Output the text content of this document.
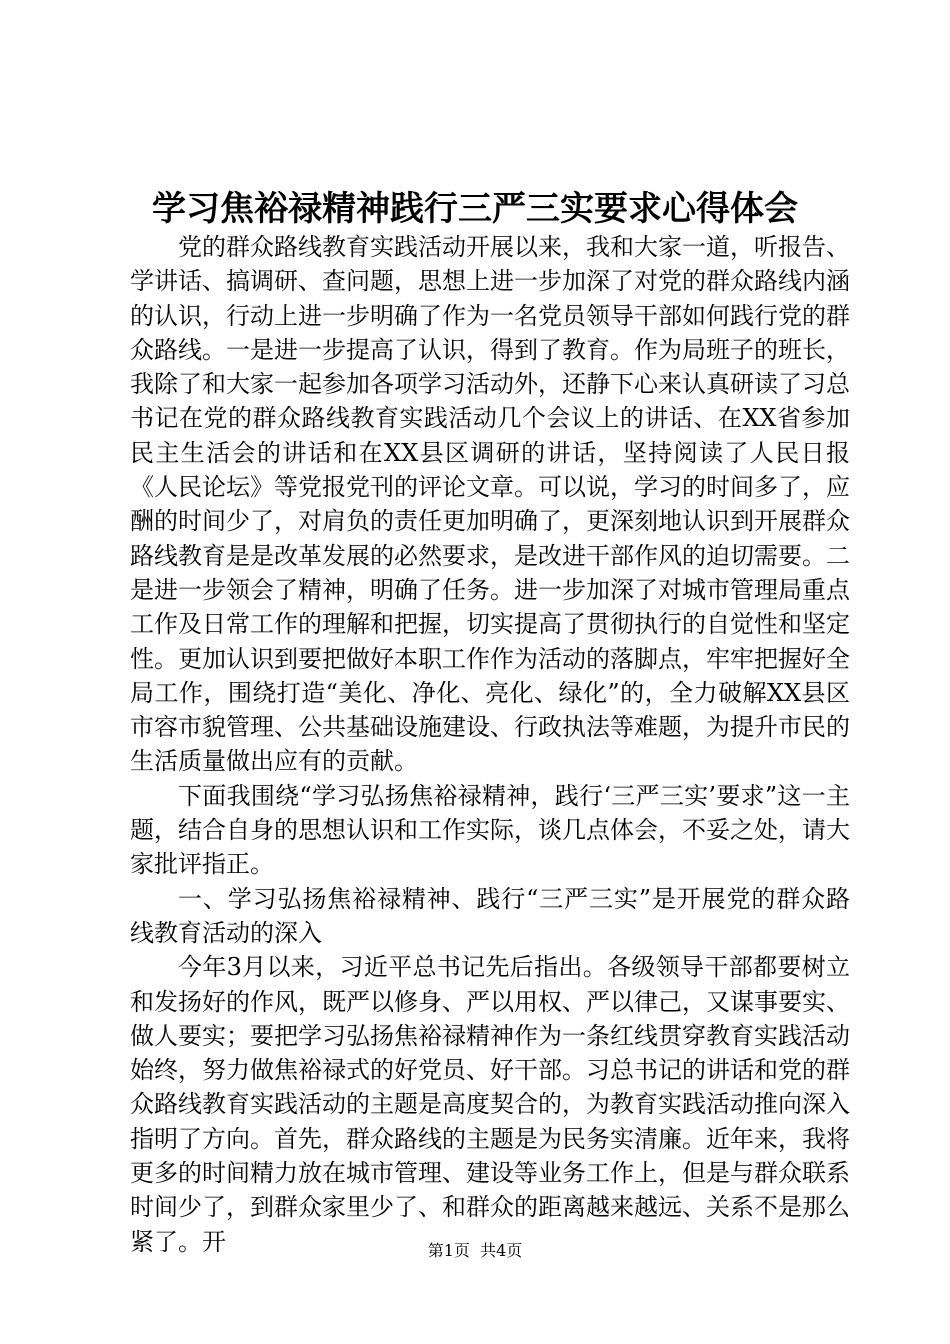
学习焦裕禄精神践行三严三实要求心得体会

党的群众路线教育实践活动开展以来，我和大家一道，听报告、学讲话、搞调研、查问题，思想上进一步加深了对党的群众路线内涵的认识，行动上进一步明确了作为一名党员领导干部如何践行党的群众路线。一是进一步提高了认识，得到了教育。作为局班子的班长，我除了和大家一起参加各项学习活动外，还静下心来认真研读了习总书记在党的群众路线教育实践活动几个会议上的讲话、在XX省参加民主生活会的讲话和在XX县区调研的讲话，坚持阅读了人民日报《人民论坛》等党报党刊的评论文章。可以说，学习的时间多了，应酬的时间少了，对肩负的责任更加明确了，更深刻地认识到开展群众路线教育是是改革发展的必然要求，是改进干部作风的迫切需要。二是进一步领会了精神，明确了任务。进一步加深了对城市管理局重点工作及日常工作的理解和把握，切实提高了贯彻执行的自觉性和坚定性。更加认识到要把做好本职工作作为活动的落脚点，牢牢把握好全局工作，围绕打造“美化、净化、亮化、绿化”的，全力破解XX县区市容市貌管理、公共基础设施建设、行政执法等难题，为提升市民的生活质量做出应有的贡献。

下面我围绕“学习弘扬焦裕禄精神，践行‘三严三实’要求”这一主题，结合自身的思想认识和工作实际，谈几点体会，不妥之处，请大家批评指正。

一、学习弘扬焦裕禄精神、践行“三严三实”是开展党的群众路线教育活动的深入

今年3月以来，习近平总书记先后指出。各级领导干部都要树立和发扬好的作风，既严以修身、严以用权、严以律己，又谋事要实、做人要实；要把学习弘扬焦裕禄精神作为一条红线贯穿教育实践活动始终，努力做焦裕禄式的好党员、好干部。习总书记的讲话和党的群众路线教育实践活动的主题是高度契合的，为教育实践活动推向深入指明了方向。首先，群众路线的主题是为民务实清廉。近年来，我将更多的时间精力放在城市管理、建设等业务工作上，但是与群众联系时间少了，到群众家里少了、和群众的距离越来越远、关系不是那么紧了。开	第1页  共4页
